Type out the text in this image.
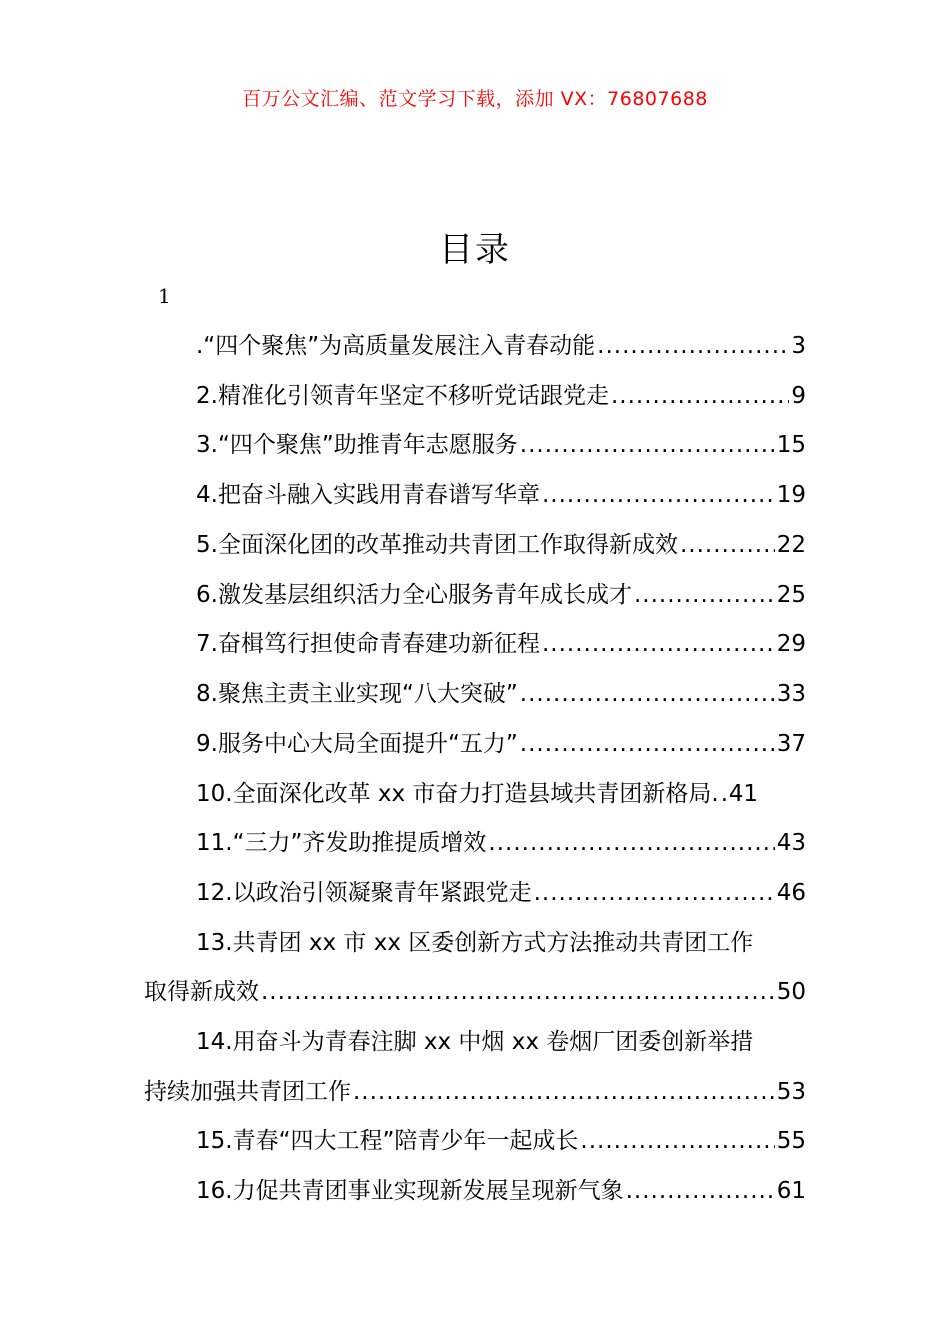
百万公文汇编、范文学习下载，添加 VX：76807688
目录
1
.“四个聚焦”为高质量发展注入青春动能 .....	3
2.精准化引领青年坚定不移听党话跟党走 .....	9
3.“四个聚焦”助推青年志愿服务 .....	15
4.把奋斗融入实践用青春谱写华章 .....	19
5.全面深化团的改革推动共青团工作取得新成效 .....	22
6.激发基层组织活力全心服务青年成长成才 .....	25
7.奋楫笃行担使命青春建功新征程 .....	29
8.聚焦主责主业实现“八大突破” .....	33
9.服务中心大局全面提升“五力” .....	37
10.全面深化改革 xx 市奋力打造县域共青团新格局. ..... 41
11.“三力”齐发助推提质增效 .....	43
12.以政治引领凝聚青年紧跟党走 .....	46
13.共青团 xx 市 xx 区委创新方式方法推动共青团工作
取得新成效 .....	50
14.用奋斗为青春注脚 xx 中烟 xx 卷烟厂团委创新举措
持续加强共青团工作 .....	53
15.青春“四大工程”陪青少年一起成长 .....	55
16.力促共青团事业实现新发展呈现新气象 .....	61
